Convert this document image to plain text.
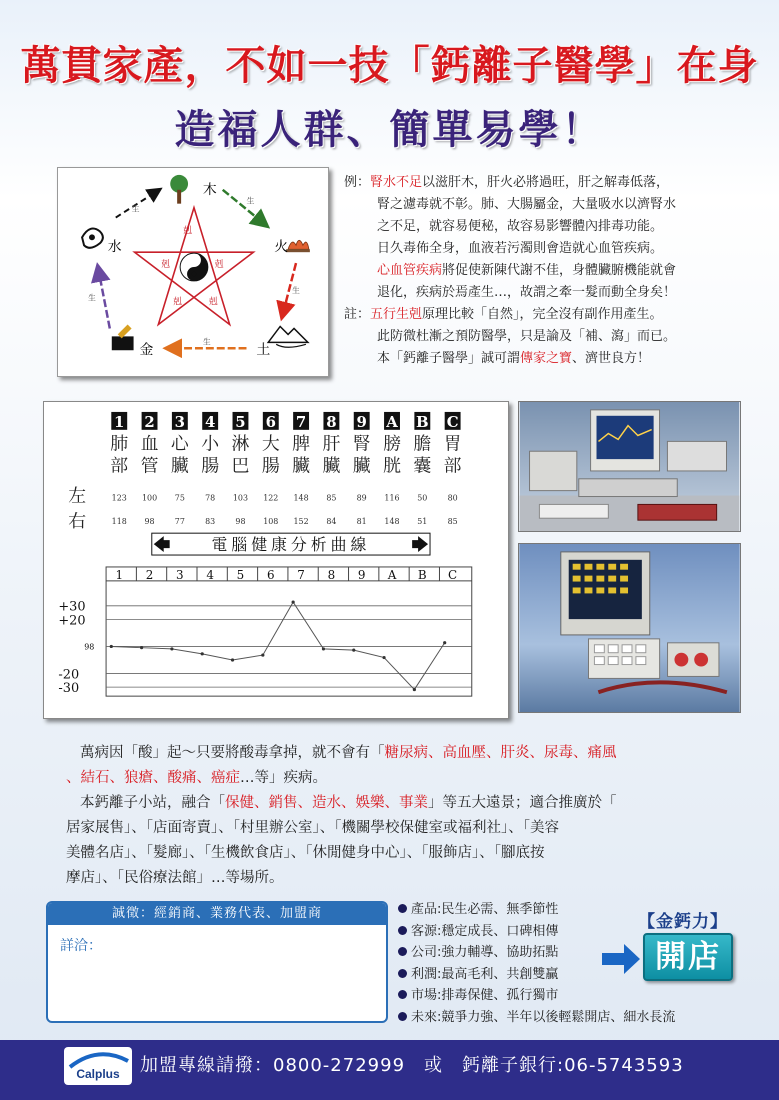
萬貫家產，不如一技「鈣離子醫學」在身
造福人群、簡單易學！
剋
剋
剋
剋
剋
木
火
土
金
水
生
生
生
生
生

例：腎水不足以滋肝木，肝火必將過旺，肝之解毒低落，

腎之濾毒就不彰。肺、大腸屬金，大量吸水以濟腎水

之不足，就容易便秘，故容易影響體內排毒功能。

日久毒佈全身，血液若污濁則會造就心血管疾病。

心血管疾病將促使新陳代謝不佳，身體臟腑機能就會

退化，疾病於焉產生…，故謂之牽一髮而動全身矣！

註：五行生剋原理比較「自然」，完全沒有副作用產生。

此防微杜漸之預防醫學，只是論及「補、瀉」而已。

本「鈣離子醫學」誠可謂傳家之寶、濟世良方！

1
肺
部
123
118
2
血
管
100
98
3
心
臟
75
77
4
小
腸
78
83
5
淋
巴
103
98
6
大
腸
122
108
7
脾
臟
148
152
8
肝
臟
85
84
9
腎
臟
89
81
A
膀
胱
116
148
B
膽
囊
50
51
C
胃
部
80
85
左
右
電腦健康分析曲線
1 2 3 4 5 6 7 8 9 A B C
+30
+20
-20
-30
98

萬病因「酸」起～只要將酸毒拿掉，就不會有「糖尿病、高血壓、肝炎、尿毒、痛風

、結石、狼瘡、酸痛、癌症…等」疾病。

本鈣離子小站，融合「保健、銷售、造水、娛樂、事業」等五大遠景；適合推廣於「

居家展售」、「店面寄賣」、「村里辦公室」、「機關學校保健室或福利社」、「美容

美體名店」、「髮廊」、「生機飲食店」、「休閒健身中心」、「服飾店」、「腳底按

摩店」、「民俗療法館」…等場所。

誠徵：經銷商、業務代表、加盟商
詳洽：
產品:民生必需、無季節性
客源:穩定成長、口碑相傳
公司:強力輔導、協助拓點
利潤:最高毛利、共創雙贏
市場:排毒保健、孤行獨市
未來:競爭力強、半年以後輕鬆開店、細水長流
【金鈣力】
開店
Calplus 加盟專線請撥：0800-272999　或　鈣離子銀行:06-5743593
